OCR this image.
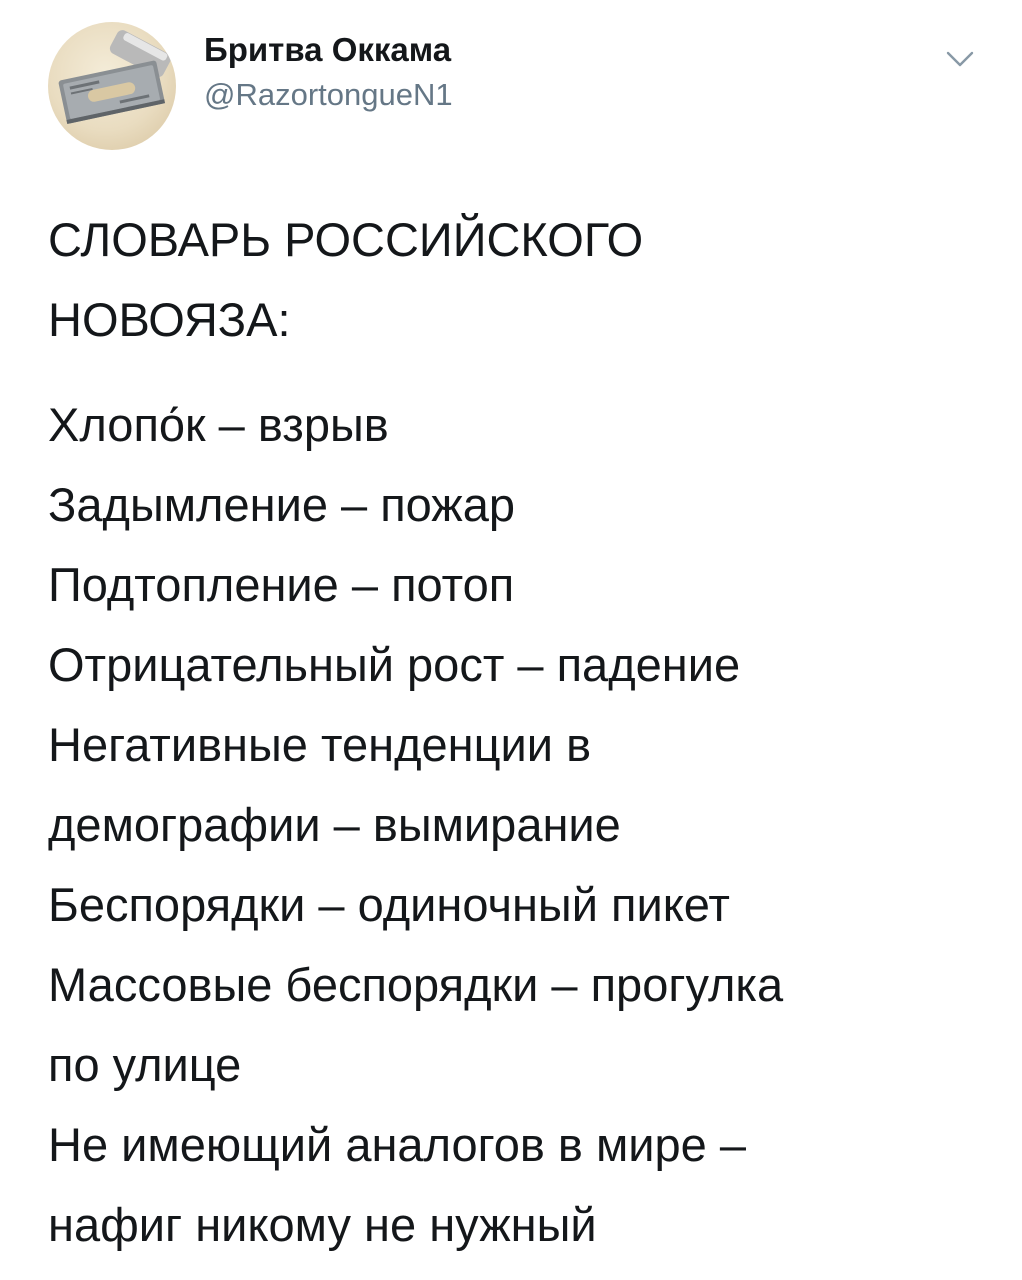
Бритва Оккама
@RazortongueN1
СЛОВАРЬ РОССИЙСКОГО
НОВОЯЗА:
Хлопо́к – взрыв
Задымление – пожар
Подтопление – потоп
Отрицательный рост – падение
Негативные тенденции в
демографии – вымирание
Беспорядки – одиночный пикет
Массовые беспорядки – прогулка
по улице
Не имеющий аналогов в мире –
нафиг никому не нужный
